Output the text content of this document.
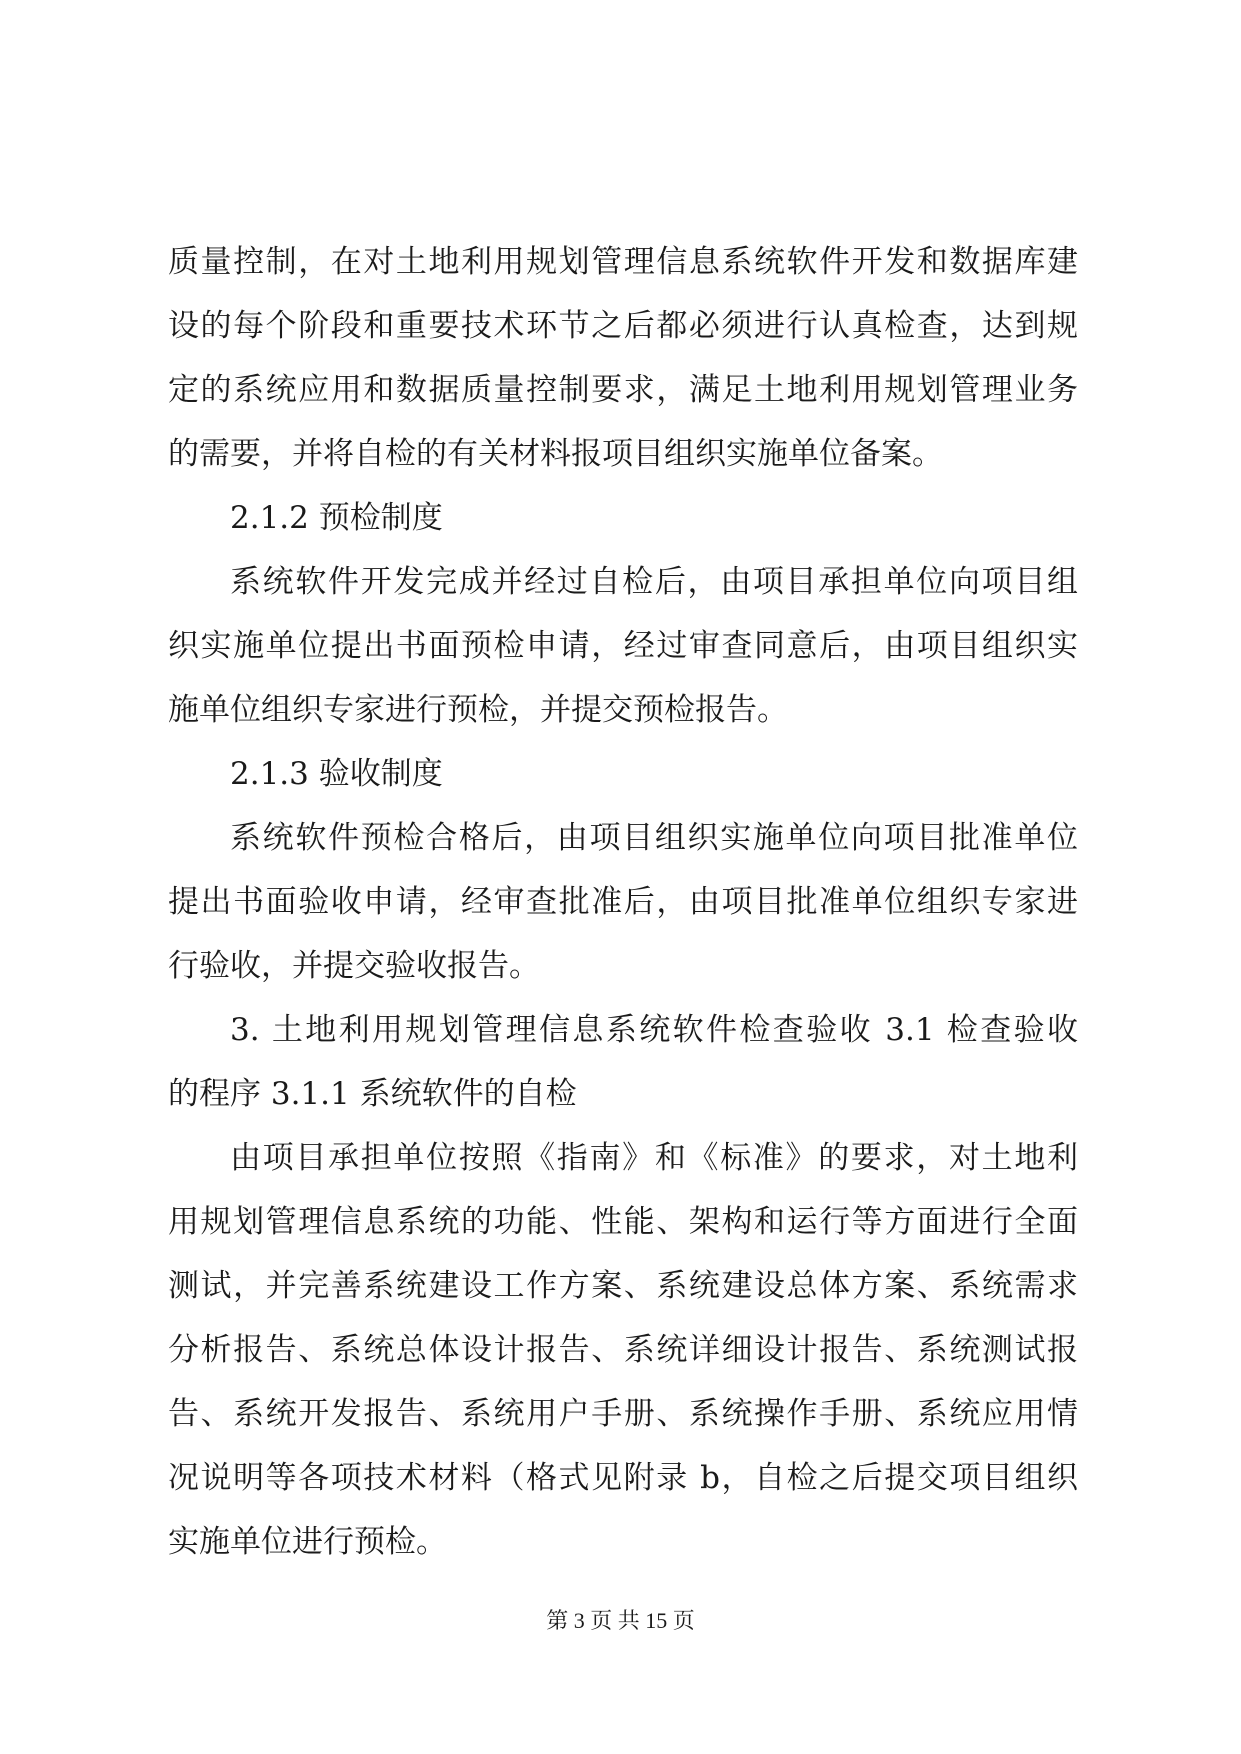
质量控制，在对土地利用规划管理信息系统软件开发和数据库建
设的每个阶段和重要技术环节之后都必须进行认真检查，达到规
定的系统应用和数据质量控制要求，满足土地利用规划管理业务
的需要，并将自检的有关材料报项目组织实施单位备案。
2.1.2 预检制度
系统软件开发完成并经过自检后，由项目承担单位向项目组
织实施单位提出书面预检申请，经过审查同意后，由项目组织实
施单位组织专家进行预检，并提交预检报告。
2.1.3 验收制度
系统软件预检合格后，由项目组织实施单位向项目批准单位
提出书面验收申请，经审查批准后，由项目批准单位组织专家进
行验收，并提交验收报告。
3. 土地利用规划管理信息系统软件检查验收 3.1 检查验收
的程序 3.1.1 系统软件的自检
由项目承担单位按照《指南》和《标准》的要求，对土地利
用规划管理信息系统的功能、性能、架构和运行等方面进行全面
测试，并完善系统建设工作方案、系统建设总体方案、系统需求
分析报告、系统总体设计报告、系统详细设计报告、系统测试报
告、系统开发报告、系统用户手册、系统操作手册、系统应用情
况说明等各项技术材料（格式见附录 b，自检之后提交项目组织
实施单位进行预检。
第 3 页 共 15 页
